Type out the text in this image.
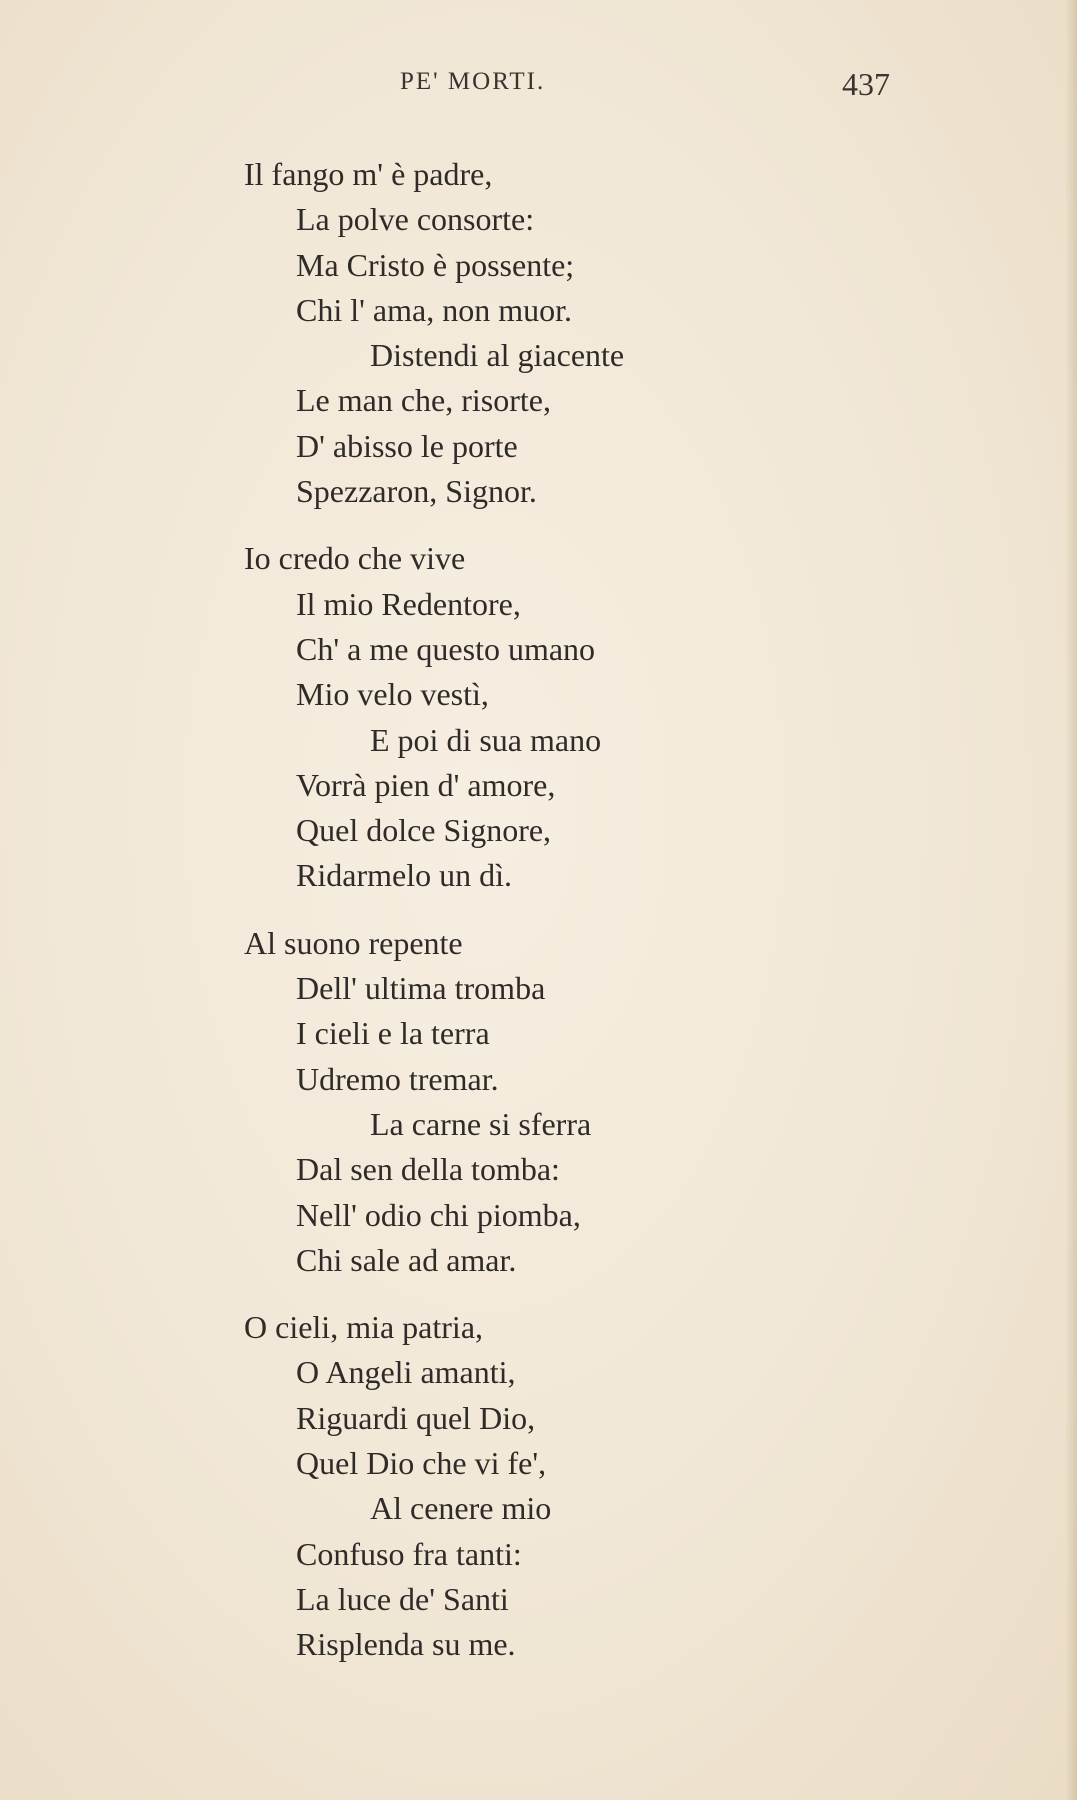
PE' MORTI.	437
Il fango m' è padre,
La polve consorte:
Ma Cristo è possente;
Chi l' ama, non muor.
Distendi al giacente
Le man che, risorte,
D' abisso le porte
Spezzaron, Signor.
Io credo che vive
Il mio Redentore,
Ch' a me questo umano
Mio velo vestì,
E poi di sua mano
Vorrà pien d' amore,
Quel dolce Signore,
Ridarmelo un dì.
Al suono repente
Dell' ultima tromba
I cieli e la terra
Udremo tremar.
La carne si sferra
Dal sen della tomba:
Nell' odio chi piomba,
Chi sale ad amar.
O cieli, mia patria,
O Angeli amanti,
Riguardi quel Dio,
Quel Dio che vi fe',
Al cenere mio
Confuso fra tanti:
La luce de' Santi
Risplenda su me.
